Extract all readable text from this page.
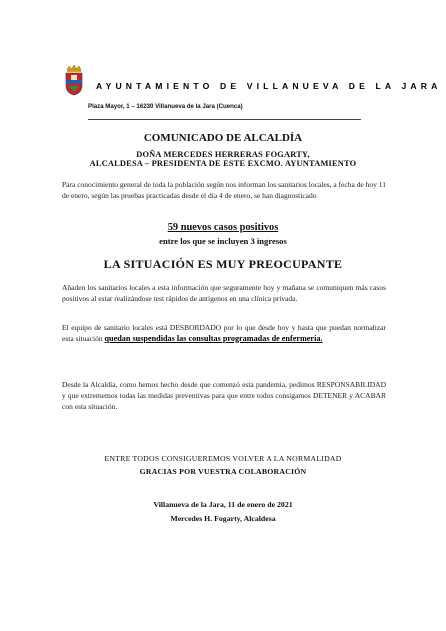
AYUNTAMIENTO DE VILLANUEVA DE LA JARA
Plaza Mayor, 1 – 16230 Villanueva de la Jara (Cuenca)
COMUNICADO DE ALCALDÍA
DOÑA MERCEDES HERRERAS FOGARTY,
ALCALDESA – PRESIDENTA DE ESTE EXCMO. AYUNTAMIENTO
Para conocimiento general de toda la población según nos informan los sanitarios locales, a fecha de hoy 11 de enero, según las pruebas practicadas desde el día 4 de enero, se han diagnosticado
59 nuevos casos positivos
entre los que se incluyen 3 ingresos
LA SITUACIÓN ES MUY PREOCUPANTE
Añaden los sanitarios locales a esta información que seguramente hoy y mañana se comuniquen más casos positivos al estar realizándose test rápidos de antígenos en una clínica privada.
El equipo de sanitario locales está DESBORDADO por lo que desde hoy y hasta que puedan normalizar esta situación quedan suspendidas las consultas programadas de enfermería.
Desde la Alcaldía, como hemos hecho desde que comenzó esta pandemia, pedimos RESPONSABILIDAD y que extrememos todas las medidas preventivas para que entre todos consigamos DETENER y ACABAR con esta situación.
ENTRE TODOS CONSIGUEREMOS VOLVER A LA NORMALIDAD
GRACIAS POR VUESTRA COLABORACIÓN
Villanueva de la Jara, 11 de enero de 2021
Mercedes H. Fogarty, Alcaldesa
